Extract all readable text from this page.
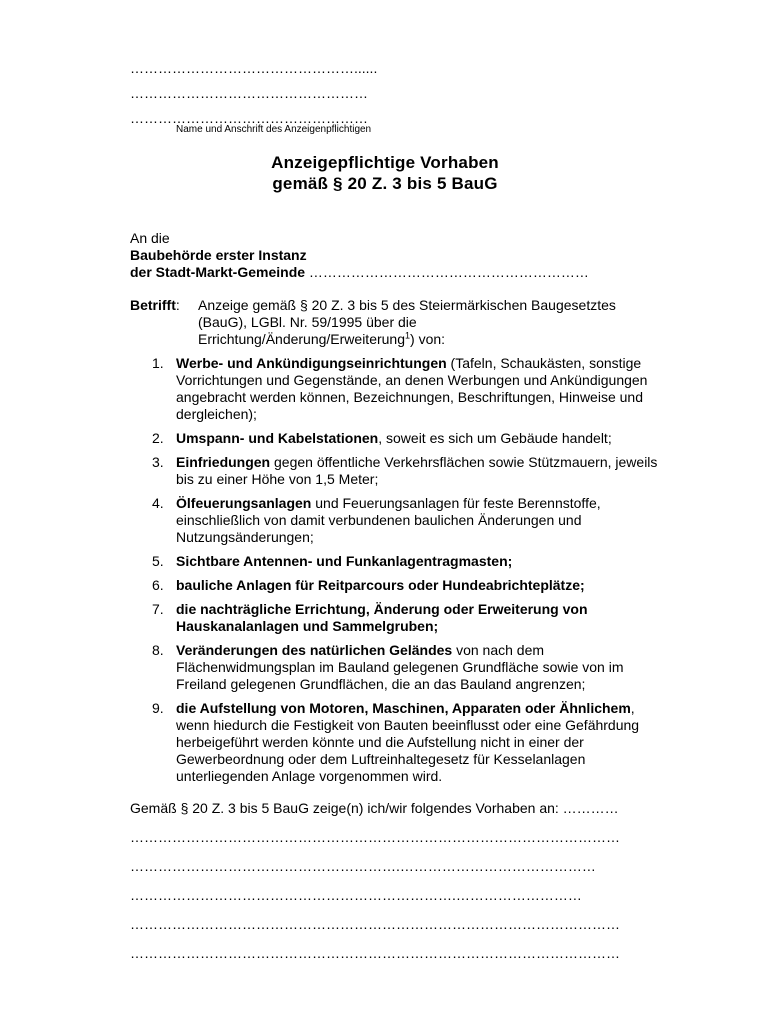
…………………………………………......
……………………………………………
……………………………………………
Name und Anschrift des Anzeigenpflichtigen
Anzeigepflichtige Vorhaben
gemäß § 20 Z. 3 bis 5 BauG
An die
Baubehörde erster Instanz
der Stadt-Markt-Gemeinde ……………………………………………………
Betrifft: Anzeige gemäß § 20 Z. 3 bis 5 des Steiermärkischen Baugesetztes
(BauG), LGBl. Nr. 59/1995 über die
Errichtung/Änderung/Erweiterung$^1$) von:
1. Werbe- und Ankündigungseinrichtungen (Tafeln, Schaukästen, sonstige Vorrichtungen und Gegenstände, an denen Werbungen und Ankündigungen angebracht werden können, Bezeichnungen, Beschriftungen, Hinweise und dergleichen);
2. Umspann- und Kabelstationen, soweit es sich um Gebäude handelt;
3. Einfriedungen gegen öffentliche Verkehrsflächen sowie Stützmauern, jeweils bis zu einer Höhe von 1,5 Meter;
4. Ölfeuerungsanlagen und Feuerungsanlagen für feste Berennstoffe, einschließlich von damit verbundenen baulichen Änderungen und Nutzungsänderungen;
5. Sichtbare Antennen- und Funkanlagentragmasten;
6. bauliche Anlagen für Reitparcours oder Hundeabrichteplätze;
7. die nachträgliche Errichtung, Änderung oder Erweiterung von Hauskanalanlagen und Sammelgruben;
8. Veränderungen des natürlichen Geländes von nach dem Flächenwidmungsplan im Bauland gelegenen Grundfläche sowie von im Freiland gelegenen Grundflächen, die an das Bauland angrenzen;
9. die Aufstellung von Motoren, Maschinen, Apparaten oder Ähnlichem, wenn hiedurch die Festigkeit von Bauten beeinflusst oder eine Gefährdung herbeigeführt werden könnte und die Aufstellung nicht in einer der Gewerbeordnung oder dem Luftreinhaltegesetz für Kesselanlagen unterliegenden Anlage vorgenommen wird.
Gemäß § 20 Z. 3 bis 5 BauG zeige(n) ich/wir folgendes Vorhaben an: …………
……………………………………………………………………………………………
………………………………………………….……………………………………
…………………………………………………………….………………………
……………………………………………………………………………………………
……………………………………………………………………………………………
